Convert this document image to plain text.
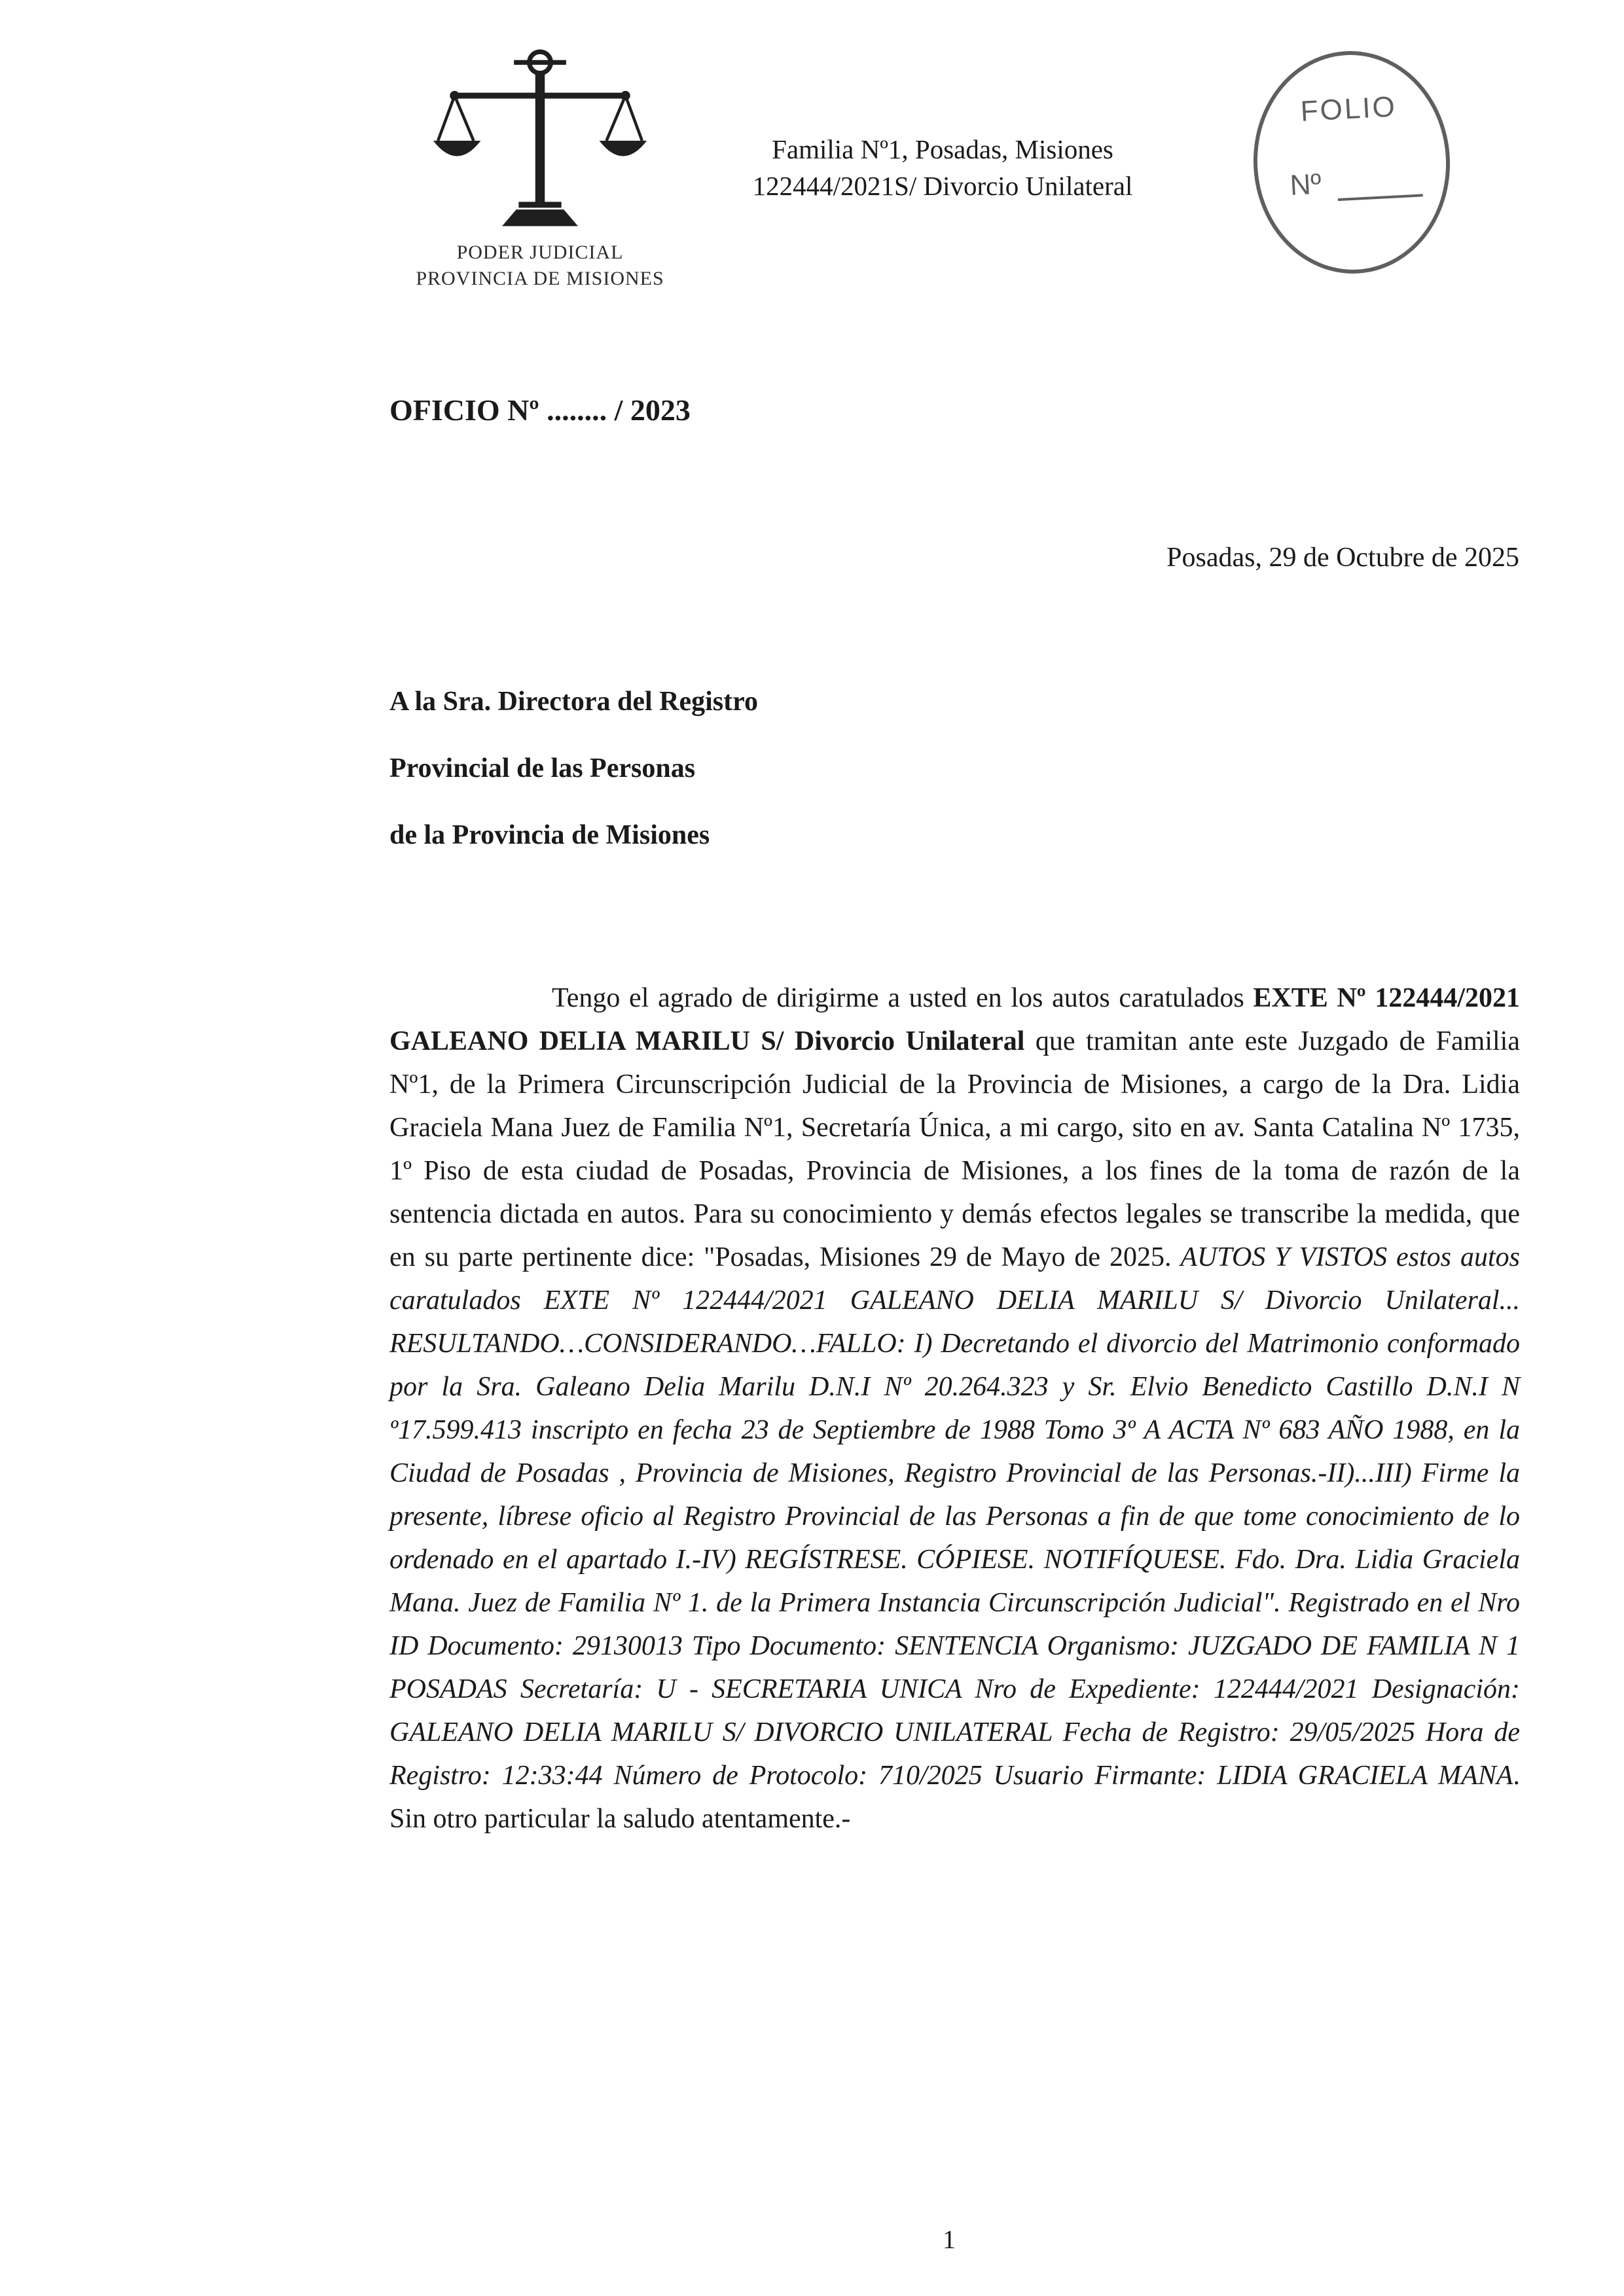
PODER JUDICIAL
PROVINCIA DE MISIONES
Familia Nº1, Posadas, Misiones
122444/2021S/ Divorcio Unilateral
FOLIO
Nº
OFICIO Nº ........ / 2023
Posadas, 29 de Octubre de 2025
A la Sra. Directora del Registro
Provincial de las Personas
de la Provincia de Misiones

Tengo el agrado de dirigirme a usted en los autos caratulados EXTE Nº 122444/2021 GALEANO DELIA MARILU S/ Divorcio Unilateral que tramitan ante este Juzgado de Familia Nº1, de la Primera Circunscripción Judicial de la Provincia de Misiones, a cargo de la Dra. Lidia Graciela Mana Juez de Familia Nº1, Secretaría Única, a mi cargo, sito en av. Santa Catalina Nº 1735, 1º Piso de esta ciudad de Posadas, Provincia de Misiones, a los fines de la toma de razón de la sentencia dictada en autos. Para su conocimiento y demás efectos legales se transcribe la medida, que en su parte pertinente dice: "Posadas, Misiones 29 de Mayo de 2025. AUTOS Y VISTOS estos autos caratulados EXTE Nº 122444/2021 GALEANO DELIA MARILU S/ Divorcio Unilateral... RESULTANDO…CONSIDERANDO…FALLO: I) Decretando el divorcio del Matrimonio conformado por la Sra. Galeano Delia Marilu D.N.I Nº 20.264.323 y Sr. Elvio Benedicto Castillo D.N.I N º17.599.413 inscripto en fecha 23 de Septiembre de 1988 Tomo 3º A ACTA Nº 683 AÑO 1988, en la Ciudad de Posadas , Provincia de Misiones, Registro Provincial de las Personas.-II)...III) Firme la presente, líbrese oficio al Registro Provincial de las Personas a fin de que tome conocimiento de lo ordenado en el apartado I.-IV) REGÍSTRESE. CÓPIESE. NOTIFÍQUESE. Fdo. Dra. Lidia Graciela Mana. Juez de Familia Nº 1. de la Primera Instancia Circunscripción Judicial". Registrado en el Nro ID Documento: 29130013 Tipo Documento: SENTENCIA Organismo: JUZGADO DE FAMILIA N 1 POSADAS Secretaría: U - SECRETARIA UNICA Nro de Expediente: 122444/2021 Designación: GALEANO DELIA MARILU S/ DIVORCIO UNILATERAL Fecha de Registro: 29/05/2025 Hora de Registro: 12:33:44 Número de Protocolo: 710/2025 Usuario Firmante: LIDIA GRACIELA MANA. Sin otro particular la saludo atentamente.-

1
